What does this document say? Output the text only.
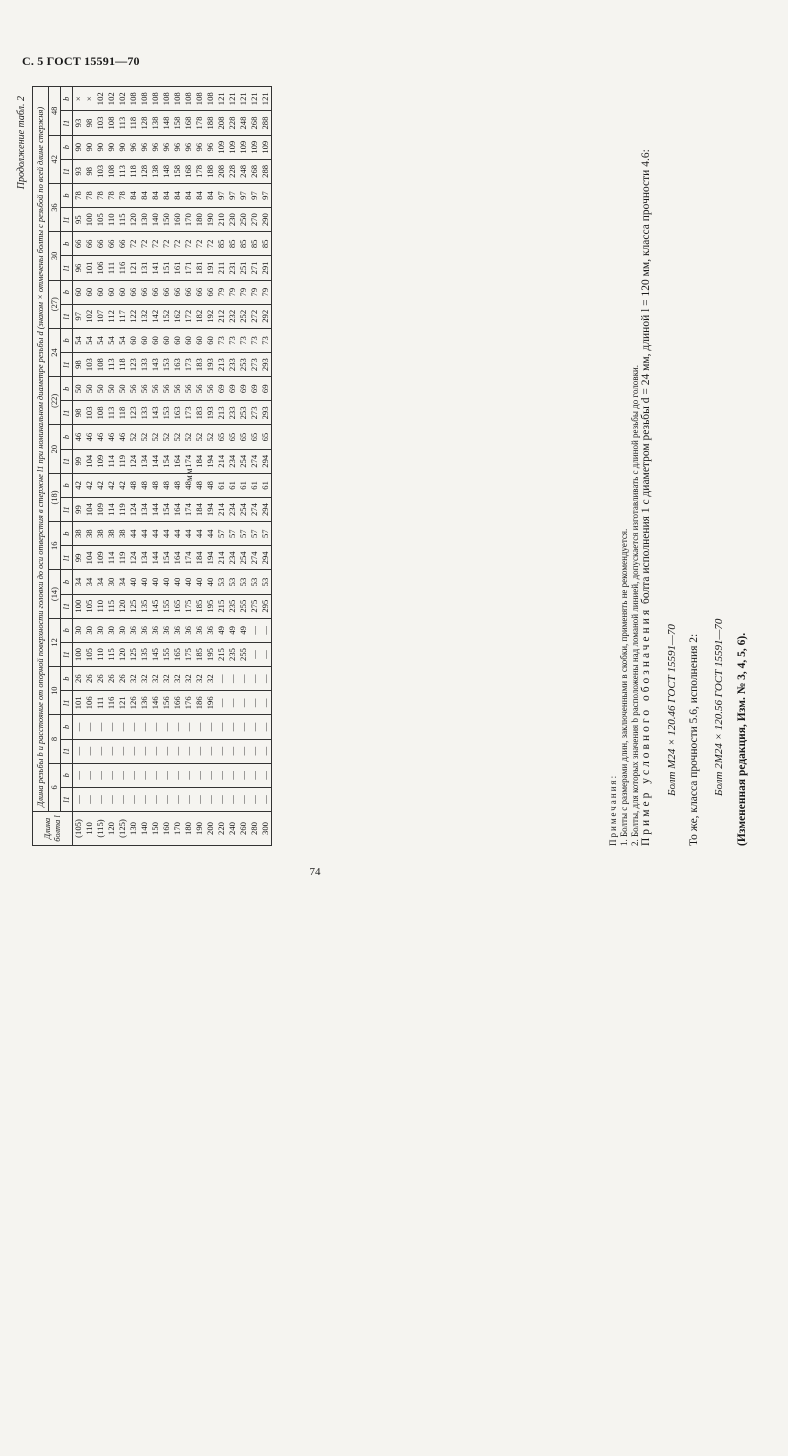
С. 5 ГОСТ 15591—70
Продолжение табл. 2
мм
Длина болта l	Длина резьбы b и расстояние от опорной поверхности головки до оси отверстия в стержне l1 при номинальном диаметре резьбы d (знаком × отмечены болты с резьбой по всей длине стержня)																													
	6		8		10		12		(14)		16		(18)		20		(22)		24		(27)		30		36		42		48	
	l1	b	l1	b	l1	b	l1	b	l1	b	l1	b	l1	b	l1	b	l1	b	l1	b	l1	b	l1	b	l1	b	l1	b	l1	b
(105)	—	—	—	—	101	26	100	30	100	34	99	38	99	42	99	46	98	50	98	54	97	60	96	66	95	78	93	90	93	×
110	—	—	—	—	106	26	105	30	105	34	104	38	104	42	104	46	103	50	103	54	102	60	101	66	100	78	98	90	98	×
(115)	—	—	—	—	111	26	110	30	110	34	109	38	109	42	109	46	108	50	108	54	107	60	106	66	105	78	103	90	103	102
120	—	—	—	—	116	26	115	30	115	30	114	38	114	42	114	46	113	50	113	54	112	60	111	66	110	78	108	90	108	102
(125)	—	—	—	—	121	26	120	30	120	34	119	38	119	42	119	46	118	50	118	54	117	60	116	66	115	78	113	90	113	102
130	—	—	—	—	126	32	125	36	125	40	124	44	124	48	124	52	123	56	123	60	122	66	121	72	120	84	118	96	118	108
140	—	—	—	—	136	32	135	36	135	40	134	44	134	48	134	52	133	56	133	60	132	66	131	72	130	84	128	96	128	108
150	—	—	—	—	146	32	145	36	145	40	144	44	144	48	144	52	143	56	143	60	142	66	141	72	140	84	138	96	138	108
160	—	—	—	—	156	32	155	36	155	40	154	44	154	48	154	52	153	56	153	60	152	66	151	72	150	84	148	96	148	108
170	—	—	—	—	166	32	165	36	165	40	164	44	164	48	164	52	163	56	163	60	162	66	161	72	160	84	158	96	158	108
180	—	—	—	—	176	32	175	36	175	40	174	44	174	48	174	52	173	56	173	60	172	66	171	72	170	84	168	96	168	108
190	—	—	—	—	186	32	185	36	185	40	184	44	184	48	184	52	183	56	183	60	182	66	181	72	180	84	178	96	178	108
200	—	—	—	—	196	32	195	36	195	40	194	44	194	48	194	52	193	56	193	60	192	66	191	72	190	84	188	96	188	108
220	—	—	—	—	—	—	215	49	215	53	214	57	214	61	214	65	213	69	213	73	212	79	211	85	210	97	208	109	208	121
240	—	—	—	—	—	—	235	49	235	53	234	57	234	61	234	65	233	69	233	73	232	79	231	85	230	97	228	109	228	121
260	—	—	—	—	—	—	255	49	255	53	254	57	254	61	254	65	253	69	253	73	252	79	251	85	250	97	248	109	248	121
280	—	—	—	—	—	—	—	—	275	53	274	57	274	61	274	65	273	69	273	73	272	79	271	85	270	97	268	109	268	121
300	—	—	—	—	—	—	—	—	295	53	294	57	294	61	294	65	293	69	293	73	292	79	291	85	290	97	288	109	288	121
Примечания: 1. Болты с размерами длин, заключенными в скобки, применять не рекомендуется. 2. Болты, для которых значения b расположены над ломаной линией, допускается изготавливать с длиной резьбы до головки. Пример условного обозначения болта исполнения 1 с диаметром резьбы d = 24 мм, длиной l = 120 мм, класса прочности 4.6:
Болт М24 × 120.46 ГОСТ 15591—70 То же, класса прочности 5.6, исполнения 2: Болт 2М24 × 120.56 ГОСТ 15591—70 (Измененная редакция, Изм. № 3, 4, 5, 6).
74
